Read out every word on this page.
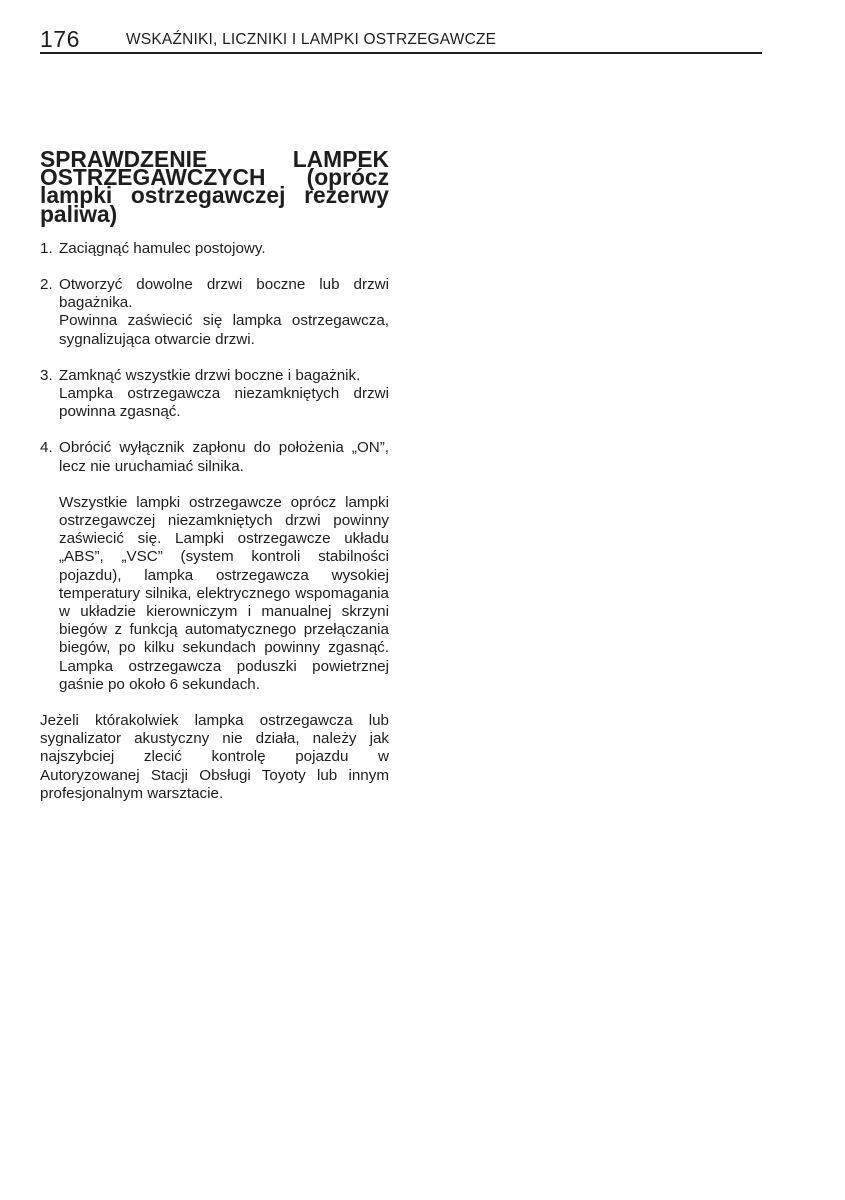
176	WSKAŹNIKI, LICZNIKI I LAMPKI OSTRZEGAWCZE
SPRAWDZENIE LAMPEK OSTRZEGAWCZYCH (oprócz lampki ostrzegawczej rezerwy paliwa)
1. Zaciągnąć hamulec postojowy.

2. Otworzyć dowolne drzwi boczne lub drzwi bagażnika.

Powinna zaświecić się lampka ostrzegawcza, sygnalizująca otwarcie drzwi.

3. Zamknąć wszystkie drzwi boczne i bagażnik.

Lampka ostrzegawcza niezamkniętych drzwi powinna zgasnąć.

4. Obrócić wyłącznik zapłonu do położenia „ON”, lecz nie uruchamiać silnika.

Wszystkie lampki ostrzegawcze oprócz lampki ostrzegawczej niezamkniętych drzwi powinny zaświecić się. Lampki ostrzegawcze układu „ABS”, „VSC” (system kontroli stabilności pojazdu), lampka ostrzegawcza wysokiej temperatury silnika, elektrycznego wspomagania w układzie kierowniczym i manualnej skrzyni biegów z funkcją automatycznego przełączania biegów, po kilku sekundach powinny zgasnąć. Lampka ostrzegawcza poduszki powietrznej gaśnie po około 6 sekundach.

Jeżeli którakolwiek lampka ostrzegawcza lub sygnalizator akustyczny nie działa, należy jak najszybciej zlecić kontrolę pojazdu w Autoryzowanej Stacji Obsługi Toyoty lub innym profesjonalnym warsztacie.
